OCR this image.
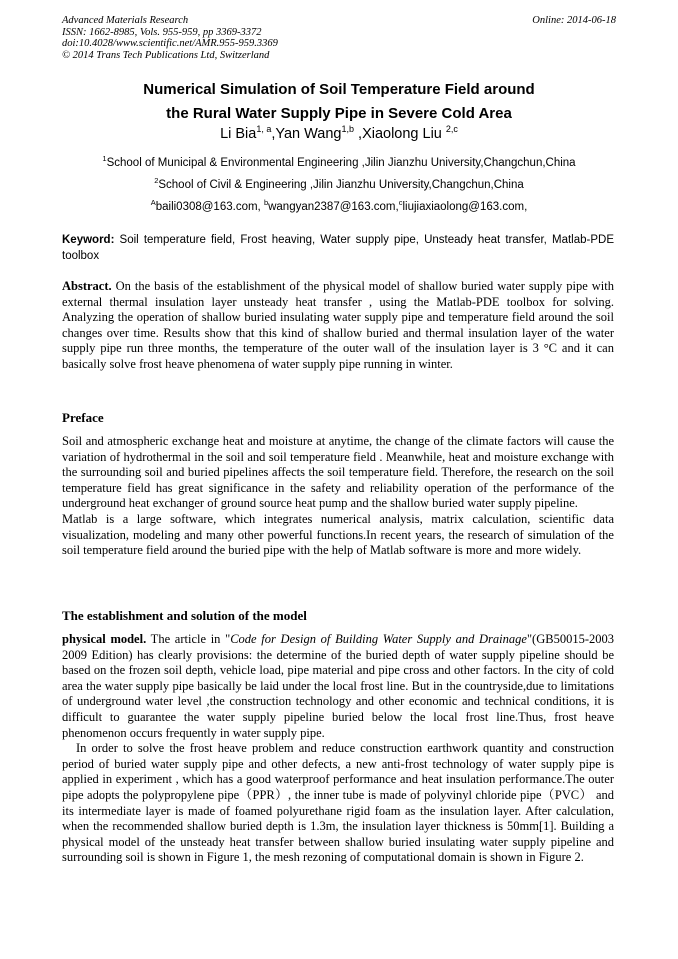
Advanced Materials Research
ISSN: 1662-8985, Vols. 955-959, pp 3369-3372
doi:10.4028/www.scientific.net/AMR.955-959.3369
© 2014 Trans Tech Publications Ltd, Switzerland
Online: 2014-06-18
Numerical Simulation of Soil Temperature Field around
the Rural Water Supply Pipe in Severe Cold Area
Li Bia$^{1, a}$,Yan Wang$^{1,b}$ ,Xiaolong Liu $^{2,c}$
$^1$School of Municipal & Environmental Engineering ,Jilin Jianzhu University,Changchun,China
$^2$School of Civil & Engineering ,Jilin Jianzhu University,Changchun,China
$^A$baili0308@163.com, $^b$wangyan2387@163.com,$^c$liujiaxiaolong@163.com,
Keyword: Soil temperature field, Frost heaving, Water supply pipe, Unsteady heat transfer, Matlab-PDE toolbox

Abstract. On the basis of the establishment of the physical model of shallow buried water supply pipe with external thermal insulation layer unsteady heat transfer , using the Matlab-PDE toolbox for solving. Analyzing the operation of shallow buried insulating water supply pipe and temperature field around the soil changes over time. Results show that this kind of shallow buried and thermal insulation layer of the water supply pipe run three months, the temperature of the outer wall of the insulation layer is 3 °C and it can basically solve frost heave phenomena of water supply pipe running in winter.

Preface

Soil and atmospheric exchange heat and moisture at anytime, the change of the climate factors will cause the variation of hydrothermal in the soil and soil temperature field . Meanwhile, heat and moisture exchange with the surrounding soil and buried pipelines affects the soil temperature field. Therefore, the research on the soil temperature field has great significance in the safety and reliability operation of the performance of the underground heat exchanger of ground source heat pump and the shallow buried water supply pipeline.

Matlab is a large software, which integrates numerical analysis, matrix calculation, scientific data visualization, modeling and many other powerful functions.In recent years, the research of simulation of the soil temperature field around the buried pipe with the help of Matlab software is more and more widely.

The establishment and solution of the model

physical model. The article in "Code for Design of Building Water Supply and Drainage"(GB50015-2003 2009 Edition) has clearly provisions: the determine of the buried depth of water supply pipeline should be based on the frozen soil depth, vehicle load, pipe material and pipe cross and other factors. In the city of cold area the water supply pipe basically be laid under the local frost line. But in the countryside,due to limitations of underground water level ,the construction technology and other economic and technical conditions, it is difficult to guarantee the water supply pipeline buried below the local frost line.Thus, frost heave phenomenon occurs frequently in water supply pipe.

In order to solve the frost heave problem and reduce construction earthwork quantity and construction period of buried water supply pipe and other defects, a new anti-frost technology of water supply pipe is applied in experiment , which has a good waterproof performance and heat insulation performance.The outer pipe adopts the polypropylene pipe（PPR）, the inner tube is made of polyvinyl chloride pipe（PVC） and its intermediate layer is made of foamed polyurethane rigid foam as the insulation layer. After calculation, when the recommended shallow buried depth is 1.3m, the insulation layer thickness is 50mm[1]. Building a physical model of the unsteady heat transfer between shallow buried insulating water supply pipeline and surrounding soil is shown in Figure 1, the mesh rezoning of computational domain is shown in Figure 2.
